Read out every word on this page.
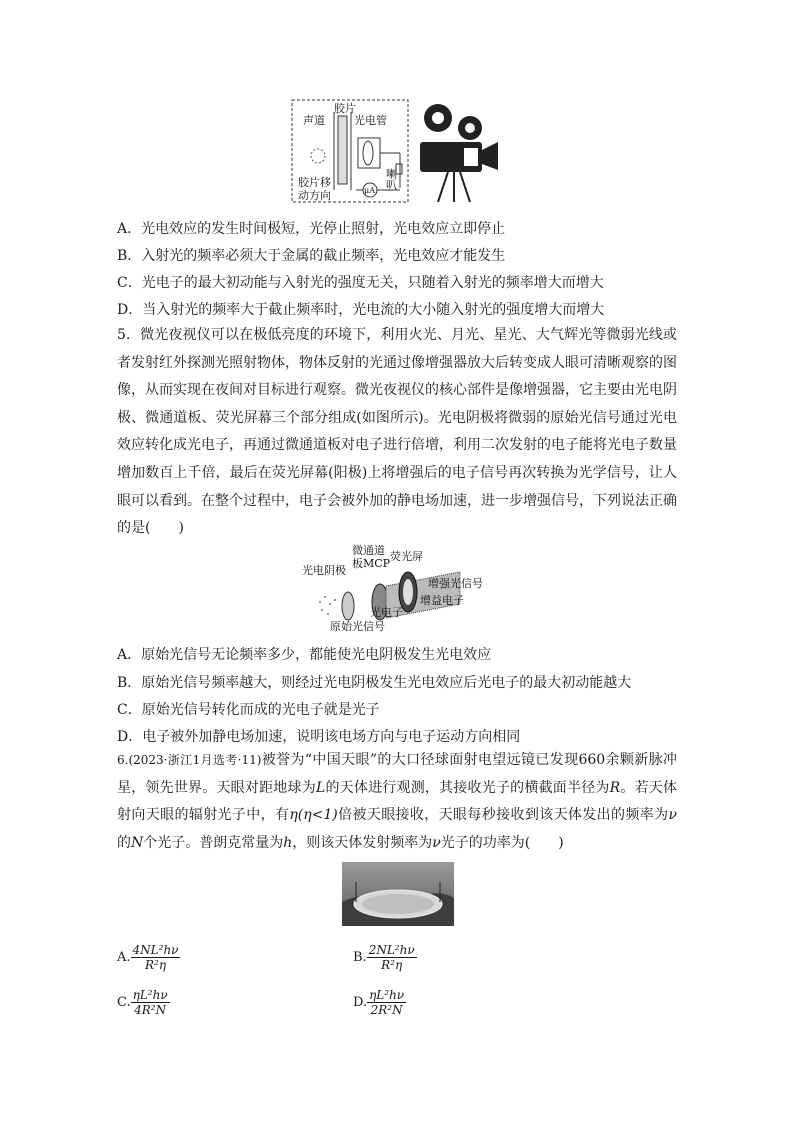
胶片
声道	光电管
喇叭
胶片移
动方向	μA
A．光电效应的发生时间极短，光停止照射，光电效应立即停止
B．入射光的频率必须大于金属的截止频率，光电效应才能发生
C．光电子的最大初动能与入射光的强度无关，只随着入射光的频率增大而增大
D．当入射光的频率大于截止频率时，光电流的大小随入射光的强度增大而增大
5．微光夜视仪可以在极低亮度的环境下，利用火光、月光、星光、大气辉光等微弱光线或者发射红外探测光照射物体，物体反射的光通过像增强器放大后转变成人眼可清晰观察的图像，从而实现在夜间对目标进行观察。微光夜视仪的核心部件是像增强器，它主要由光电阴极、微通道板、荧光屏幕三个部分组成(如图所示)。光电阴极将微弱的原始光信号通过光电效应转化成光电子，再通过微通道板对电子进行倍增，利用二次发射的电子能将光电子数量增加数百上千倍，最后在荧光屏幕(阳极)上将增强后的电子信号再次转换为光学信号，让人眼可以看到。在整个过程中，电子会被外加的静电场加速，进一步增强信号，下列说法正确的是(　　)
微通道
板MCP
荧光屏
光电阴极
增强光信号
增益电子
光电子
原始光信号
A．原始光信号无论频率多少，都能使光电阴极发生光电效应
B．原始光信号频率越大，则经过光电阴极发生光电效应后光电子的最大初动能越大
C．原始光信号转化而成的光电子就是光子
D．电子被外加静电场加速，说明该电场方向与电子运动方向相同
6.(2023·浙江1月选考·11)被誉为“中国天眼”的大口径球面射电望远镜已发现660余颗新脉冲星，领先世界。天眼对距地球为L的天体进行观测，其接收光子的横截面半径为R。若天体射向天眼的辐射光子中，有η(η<1)倍被天眼接收，天眼每秒接收到该天体发出的频率为ν的N个光子。普朗克常量为h，则该天体发射频率为ν光子的功率为(　　)
A. $\frac{\text{4NL²hν}}{\text{R²η}}$	B. $\frac{\text{2NL²hν}}{\text{R²η}}$
C. $\frac{\text{ηL²hν}}{\text{4R²N}}$	D. $\frac{\text{ηL²hν}}{\text{2R²N}}$
